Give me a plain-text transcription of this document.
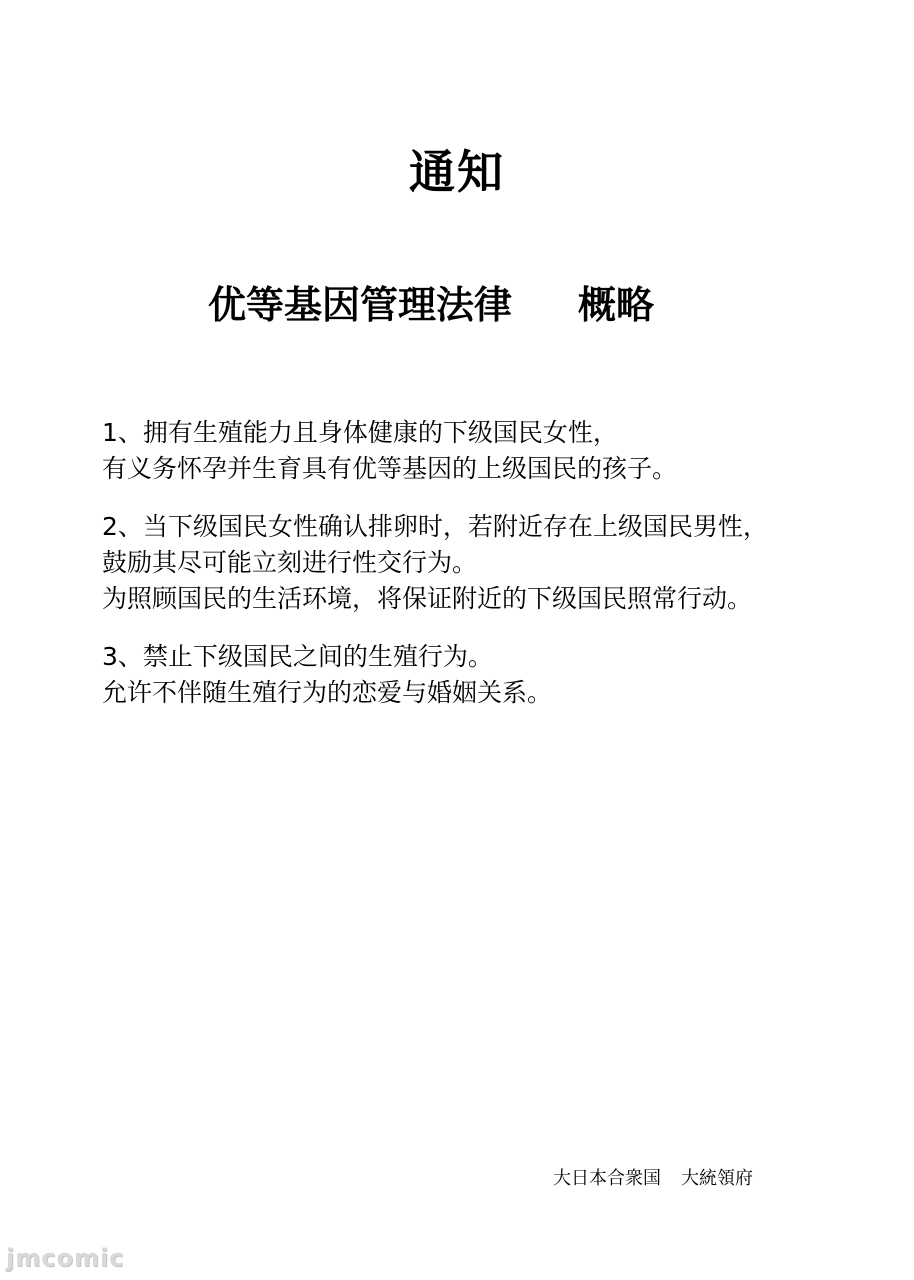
通知
优等基因管理法律 概略
1、拥有生殖能力且身体健康的下级国民女性，
有义务怀孕并生育具有优等基因的上级国民的孩子。
2、当下级国民女性确认排卵时，若附近存在上级国民男性，
鼓励其尽可能立刻进行性交行为。
为照顾国民的生活环境，将保证附近的下级国民照常行动。
3、禁止下级国民之间的生殖行为。
允许不伴随生殖行为的恋爱与婚姻关系。
大日本合衆国 大統領府
jmcomic
